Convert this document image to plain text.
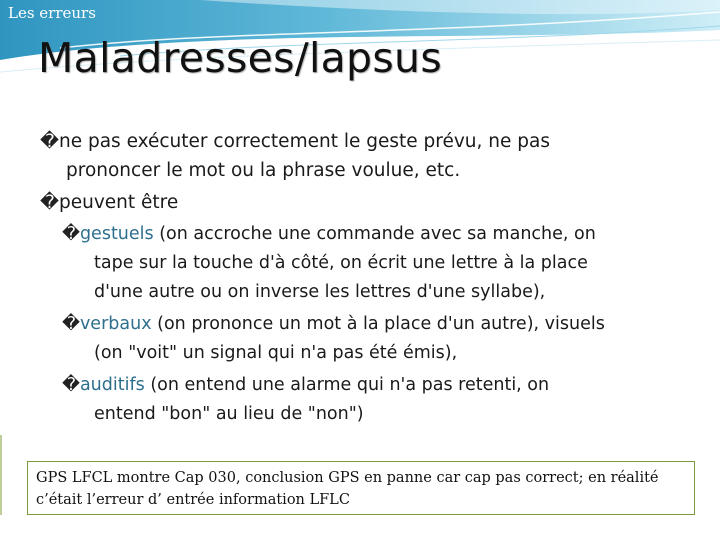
Les erreurs
Maladresses/lapsus
�ne pas exécuter correctement le geste prévu, ne pas
prononcer le mot ou la phrase voulue, etc.
�peuvent être
�gestuels (on accroche une commande avec sa manche, on
tape sur la touche d'à côté, on écrit une lettre à la place
d'une autre ou on inverse les lettres d'une syllabe),
�verbaux (on prononce un mot à la place d'un autre), visuels
(on "voit" un signal qui n'a pas été émis),
�auditifs (on entend une alarme qui n'a pas retenti, on
entend "bon" au lieu de "non")
GPS LFCL montre Cap 030, conclusion GPS en panne car cap pas correct; en réalité
c’était l’erreur d’ entrée information LFLC
